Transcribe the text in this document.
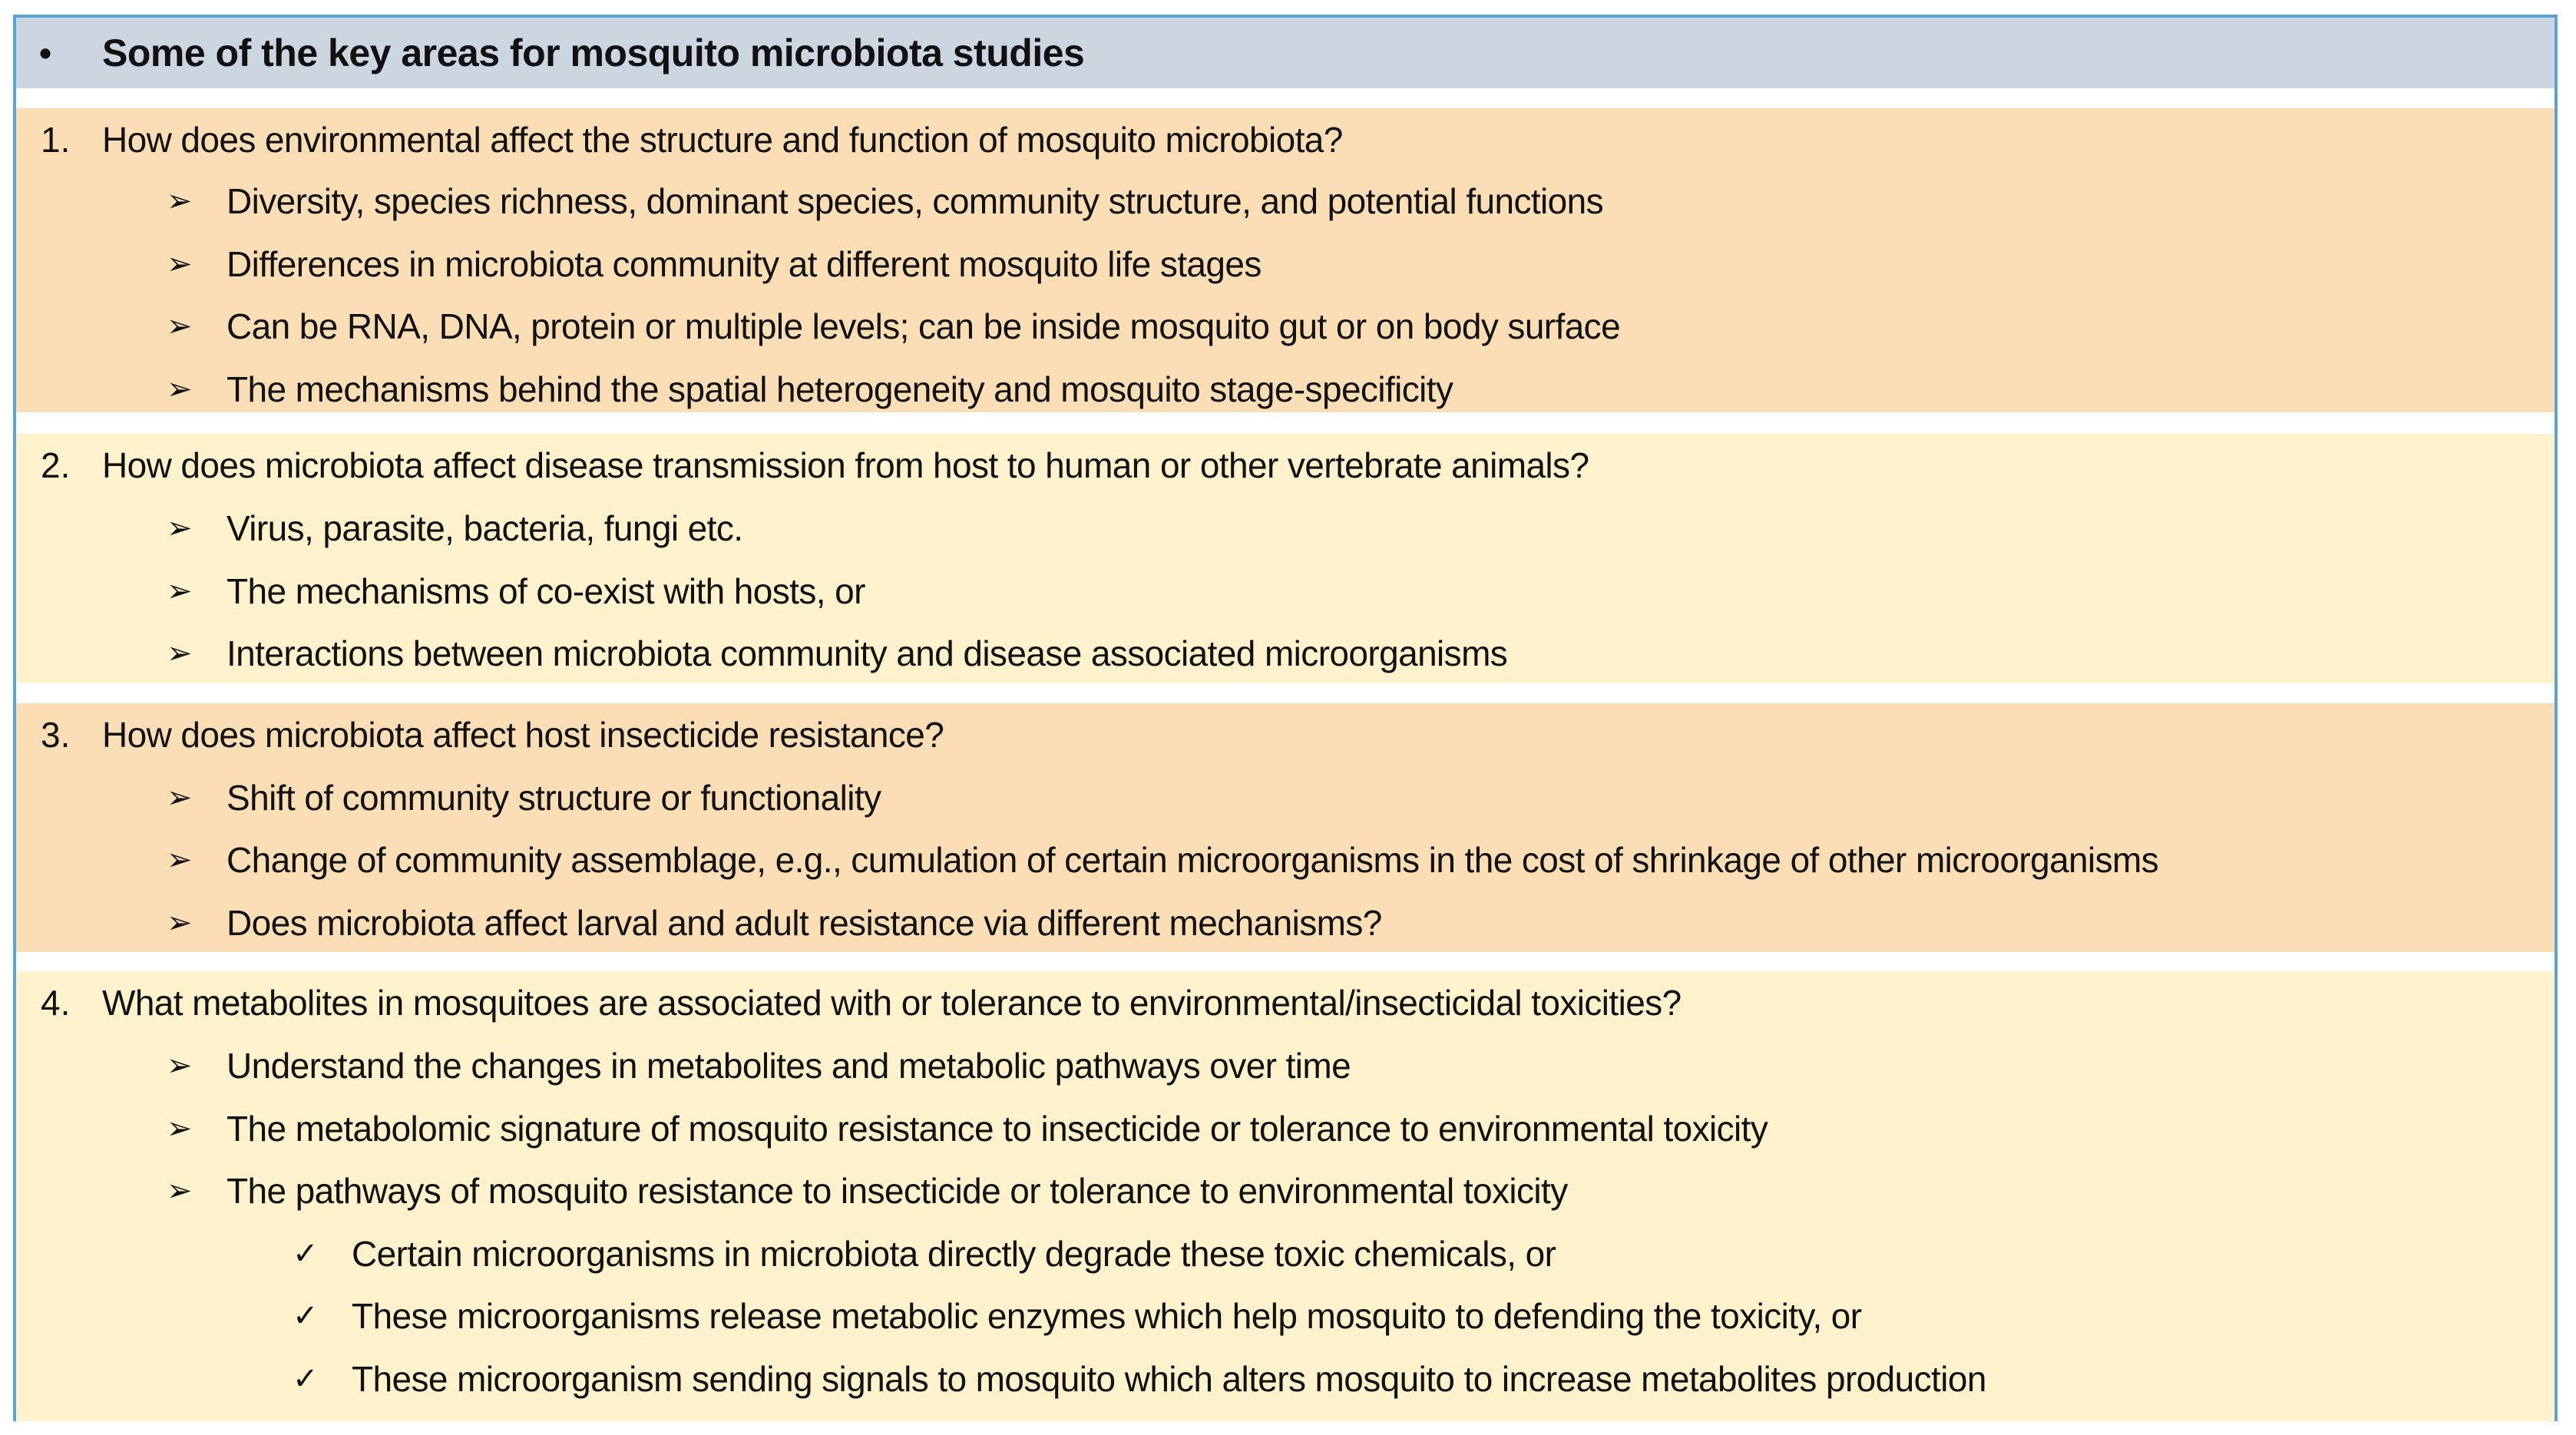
• Some of the key areas for mosquito microbiota studies
1. How does environmental affect the structure and function of mosquito microbiota?
➢ Diversity, species richness, dominant species, community structure, and potential functions
➢ Differences in microbiota community at different mosquito life stages
➢ Can be RNA, DNA, protein or multiple levels; can be inside mosquito gut or on body surface
➢ The mechanisms behind the spatial heterogeneity and mosquito stage-specificity
2. How does microbiota affect disease transmission from host to human or other vertebrate animals?
➢ Virus, parasite, bacteria, fungi etc.
➢ The mechanisms of co-exist with hosts, or
➢ Interactions between microbiota community and disease associated microorganisms
3. How does microbiota affect host insecticide resistance?
➢ Shift of community structure or functionality
➢ Change of community assemblage, e.g., cumulation of certain microorganisms in the cost of shrinkage of other microorganisms
➢ Does microbiota affect larval and adult resistance via different mechanisms?
4. What metabolites in mosquitoes are associated with or tolerance to environmental/insecticidal toxicities?
➢ Understand the changes in metabolites and metabolic pathways over time
➢ The metabolomic signature of mosquito resistance to insecticide or tolerance to environmental toxicity
➢ The pathways of mosquito resistance to insecticide or tolerance to environmental toxicity
✓ Certain microorganisms in microbiota directly degrade these toxic chemicals, or
✓ These microorganisms release metabolic enzymes which help mosquito to defending the toxicity, or
✓ These microorganism sending signals to mosquito which alters mosquito to increase metabolites production
